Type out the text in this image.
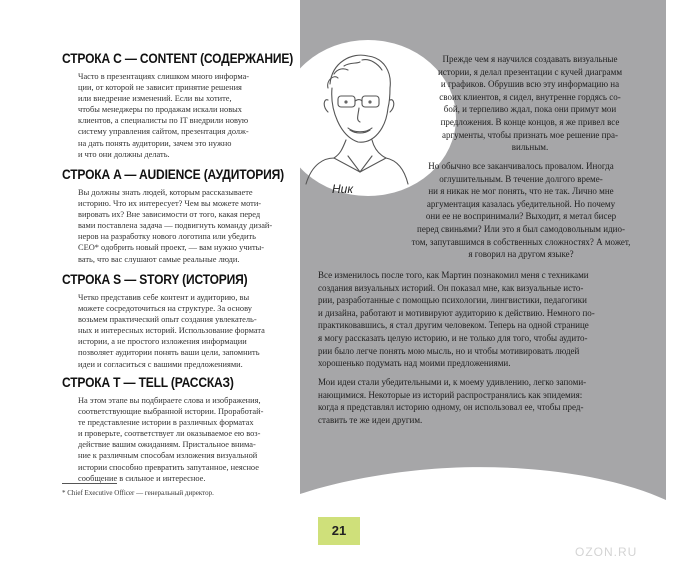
СТРОКА С — CONTENT (СОДЕРЖАНИЕ)

Часто в презентациях слишком много информа-

ции, от которой не зависит принятие решения

или внедрение изменений. Если вы хотите,

чтобы менеджеры по продажам искали новых

клиентов, а специалисты по IT внедрили новую

систему управления сайтом, презентация долж-

на дать понять аудитории, зачем это нужно

и что они должны делать.

СТРОКА A — AUDIENCE (АУДИТОРИЯ)

Вы должны знать людей, которым рассказываете

историю. Что их интересует? Чем вы можете моти-

вировать их? Вне зависимости от того, какая перед

вами поставлена задача — подвигнуть команду дизай-

неров на разработку нового логотипа или убедить

CEO* одобрить новый проект, — вам нужно учиты-

вать, что вас слушают самые реальные люди.

СТРОКА S — STORY (ИСТОРИЯ)

Четко представив себе контент и аудиторию, вы

можете сосредоточиться на структуре. За основу

возьмем практический опыт создания увлекатель-

ных и интересных историй. Использование формата

истории, а не простого изложения информации

позволяет аудитории понять ваши цели, запомнить

идеи и согласиться с вашими предложениями.

СТРОКА T — TELL (РАССКАЗ)

На этом этапе вы подбираете слова и изображения,

соответствующие выбранной истории. Проработай-

те представление истории в различных форматах

и проверьте, соответствует ли оказываемое ею воз-

действие вашим ожиданиям. Пристальное внима-

ние к различным способам изложения визуальной

истории способно превратить запутанное, неясное

сообщение в сильное и интересное.

* Chief Executive Officer — генеральный директор.
Ник

Прежде чем я научился создавать визуальные

истории, я делал презентации с кучей диаграмм

и графиков. Обрушив всю эту информацию на

своих клиентов, я сидел, внутренне гордясь со-

бой, и терпеливо ждал, пока они примут мои

предложения. В конце концов, я же привел все

аргументы, чтобы признать мое решение пра-

вильным.

Но обычно все заканчивалось провалом. Иногда

оглушительным. В течение долгого време-

ни я никак не мог понять, что не так. Лично мне

аргументация казалась убедительной. Но почему

они ее не воспринимали? Выходит, я метал бисер

перед свиньями? Или это я был самодовольным идио-

том, запутавшимся в собственных сложностях? А может,

я говорил на другом языке?

Все изменилось после того, как Мартин познакомил меня с техниками

создания визуальных историй. Он показал мне, как визуальные исто-

рии, разработанные с помощью психологии, лингвистики, педагогики

и дизайна, работают и мотивируют аудиторию к действию. Немного по-

практиковавшись, я стал другим человеком. Теперь на одной странице

я могу рассказать целую историю, и не только для того, чтобы аудито-

рии было легче понять мою мысль, но и чтобы мотивировать людей

хорошенько подумать над моими предложениями.

Мои идеи стали убедительными и, к моему удивлению, легко запоми-

нающимися. Некоторые из историй распространялись как эпидемия:

когда я представлял историю одному, он использовал ее, чтобы пред-

ставить те же идеи другим.

21
OZON.RU
